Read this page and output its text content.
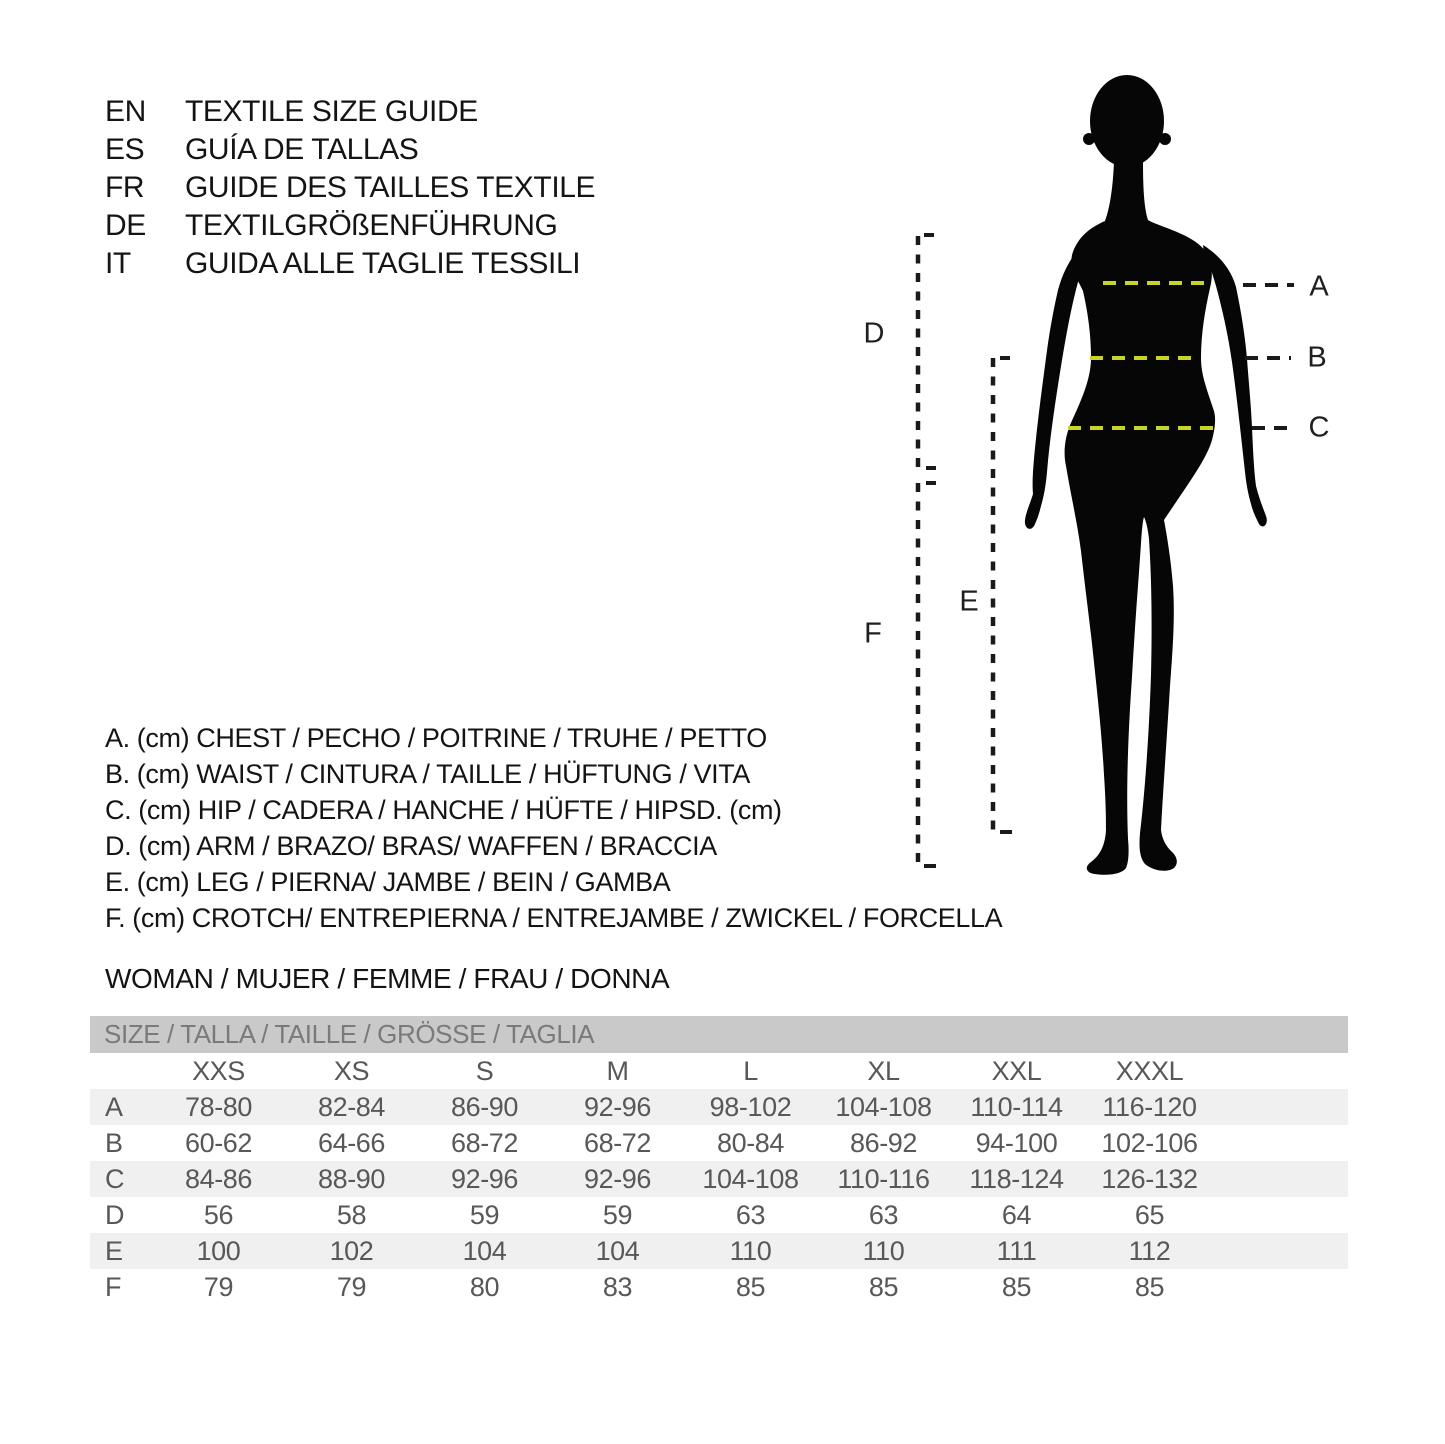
EN TEXTILE SIZE GUIDE
ES GUÍA DE TALLAS
FR GUIDE DES TAILLES TEXTILE
DE TEXTILGRÖßENFÜHRUNG
IT GUIDA ALLE TAGLIE TESSILI
A
B
C
D
E
F
A. (cm) CHEST / PECHO / POITRINE / TRUHE / PETTO
B. (cm) WAIST / CINTURA / TAILLE / HÜFTUNG / VITA
C. (cm) HIP / CADERA / HANCHE / HÜFTE / HIPSD. (cm)
D. (cm) ARM / BRAZO/ BRAS/ WAFFEN / BRACCIA
E. (cm) LEG / PIERNA/ JAMBE / BEIN / GAMBA
F. (cm) CROTCH/ ENTREPIERNA / ENTREJAMBE / ZWICKEL / FORCELLA
WOMAN / MUJER / FEMME / FRAU / DONNA
SIZE / TALLA / TAILLE / GRÖSSE / TAGLIA
XXS	XS	S	M	L	XL	XXL	XXXL
A	78-80	82-84	86-90	92-96	98-102	104-108	110-114	116-120
B	60-62	64-66	68-72	68-72	80-84	86-92	94-100	102-106
C	84-86	88-90	92-96	92-96	104-108	110-116	118-124	126-132
D	56	58	59	59	63	63	64	65
E	100	102	104	104	110	110	111	112
F	79	79	80	83	85	85	85	85
